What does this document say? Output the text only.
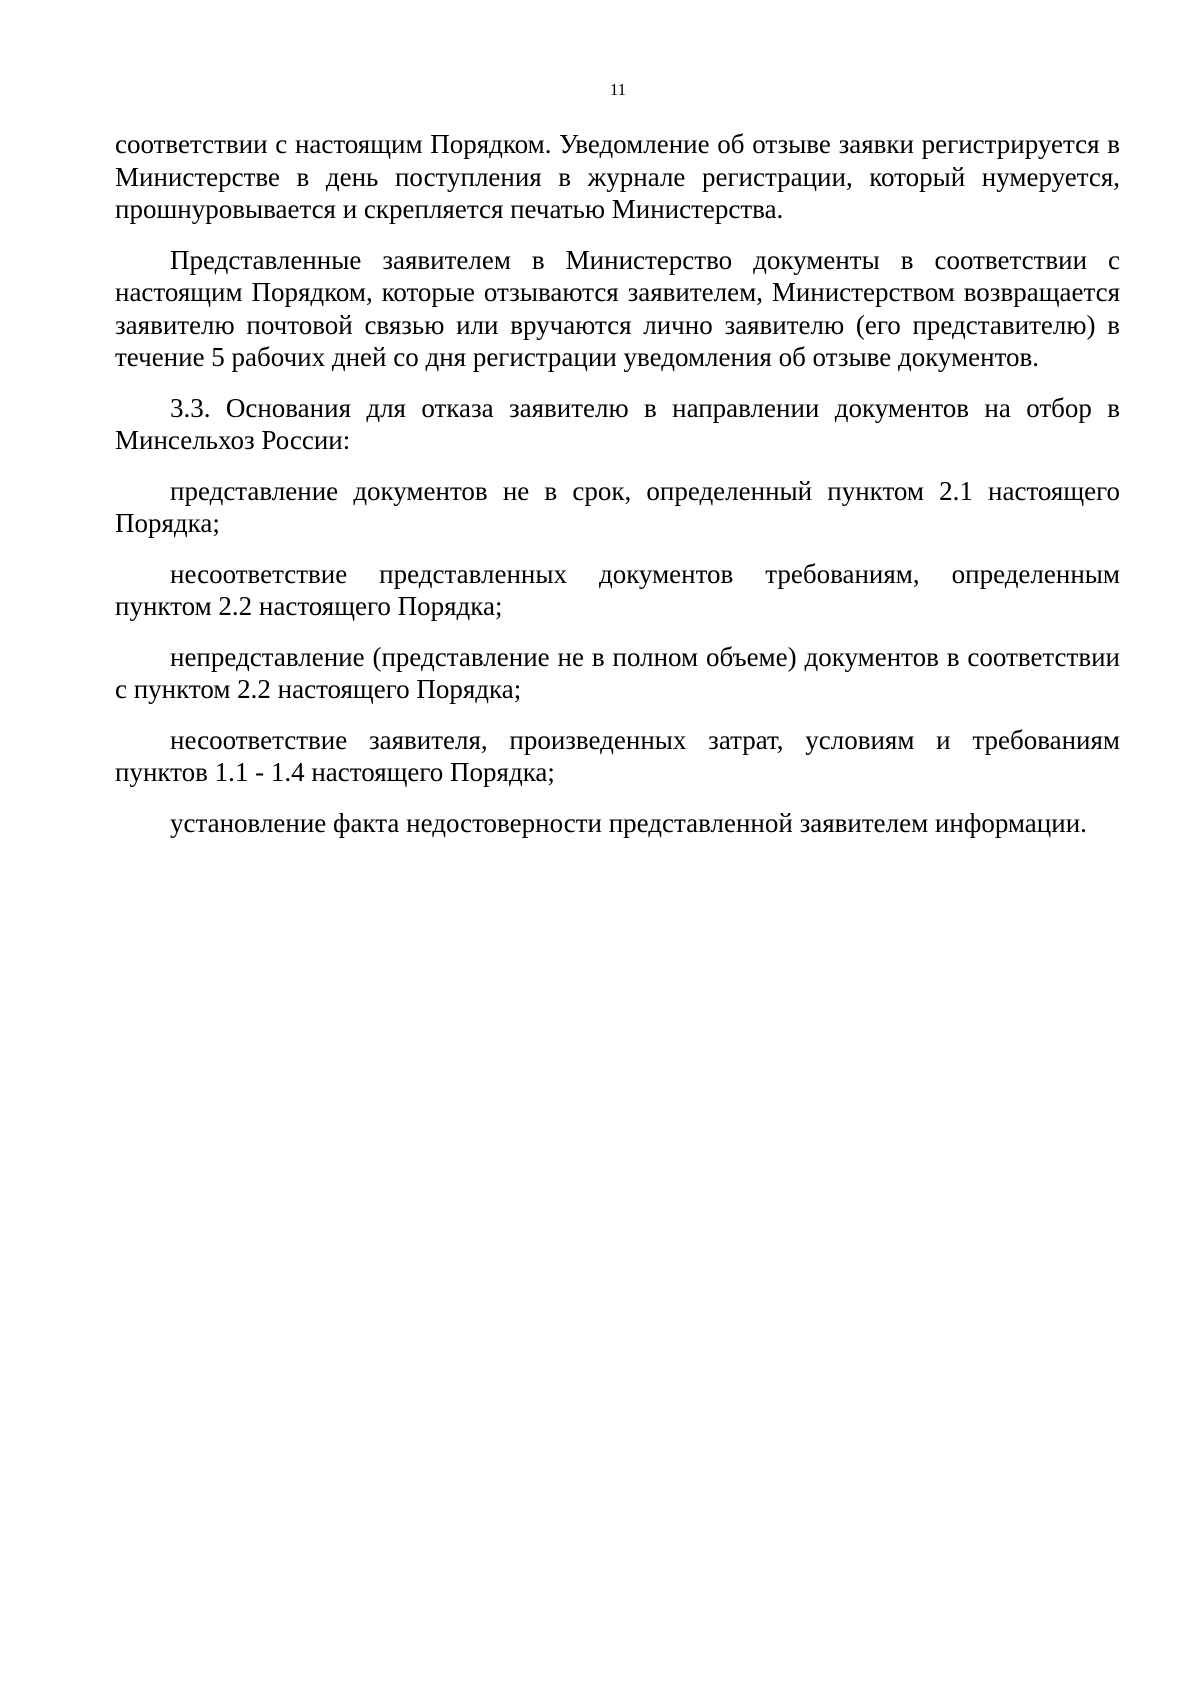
11

соответствии с настоящим Порядком. Уведомление об отзыве заявки регистрируется в Министерстве в день поступления в журнале регистрации, который нумеруется, прошнуровывается и скрепляется печатью Министерства.

Представленные заявителем в Министерство документы в соответствии с настоящим Порядком, которые отзываются заявителем, Министерством возвращается заявителю почтовой связью или вручаются лично заявителю (его представителю) в течение 5 рабочих дней со дня регистрации уведомления об отзыве документов.

3.3. Основания для отказа заявителю в направлении документов на отбор в Минсельхоз России:

представление документов не в срок, определенный пунктом 2.1 настоящего Порядка;

несоответствие представленных документов требованиям, определенным пунктом 2.2 настоящего Порядка;

непредставление (представление не в полном объеме) документов в соответствии с пунктом 2.2 настоящего Порядка;

несоответствие заявителя, произведенных затрат, условиям и требованиям пунктов 1.1 - 1.4 настоящего Порядка;

установление факта недостоверности представленной заявителем информации.
